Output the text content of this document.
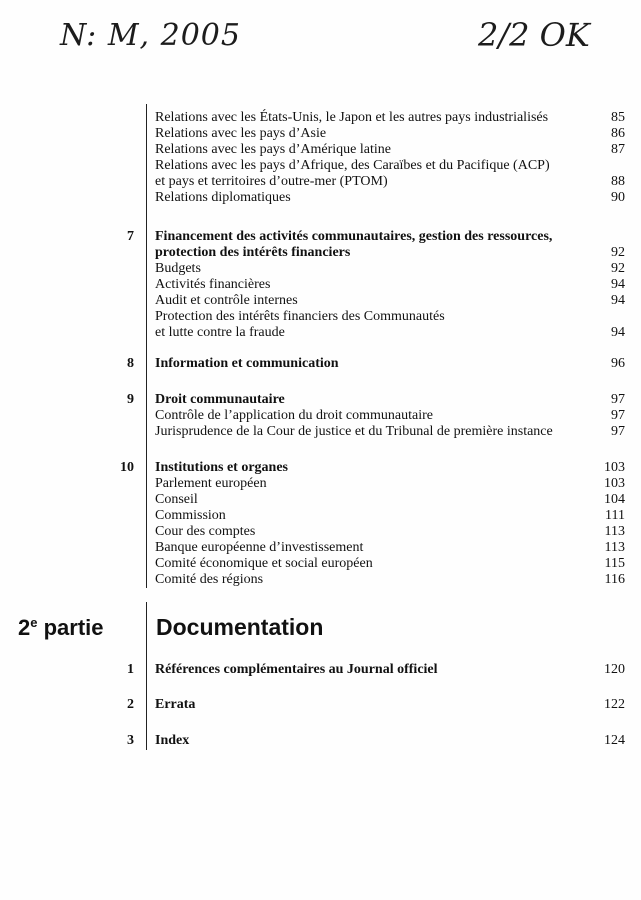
N: M, 2005	2/2 OK
Relations avec les États-Unis, le Japon et les autres pays industrialisés	85
Relations avec les pays d’Asie	86
Relations avec les pays d’Amérique latine	87
Relations avec les pays d’Afrique, des Caraïbes et du Pacifique (ACP)
et pays et territoires d’outre-mer (PTOM)	88
Relations diplomatiques	90
7 Financement des activités communautaires, gestion des ressources,
protection des intérêts financiers	92
Budgets	92
Activités financières	94
Audit et contrôle internes	94
Protection des intérêts financiers des Communautés
et lutte contre la fraude	94
8 Information et communication	96
9 Droit communautaire	97
Contrôle de l’application du droit communautaire	97
Jurisprudence de la Cour de justice et du Tribunal de première instance	97
10 Institutions et organes	103
Parlement européen	103
Conseil	104
Commission	111
Cour des comptes	113
Banque européenne d’investissement	113
Comité économique et social européen	115
Comité des régions	116
1 Références complémentaires au Journal officiel	120
2 Errata	122
3 Index	124
2e partie Documentation
